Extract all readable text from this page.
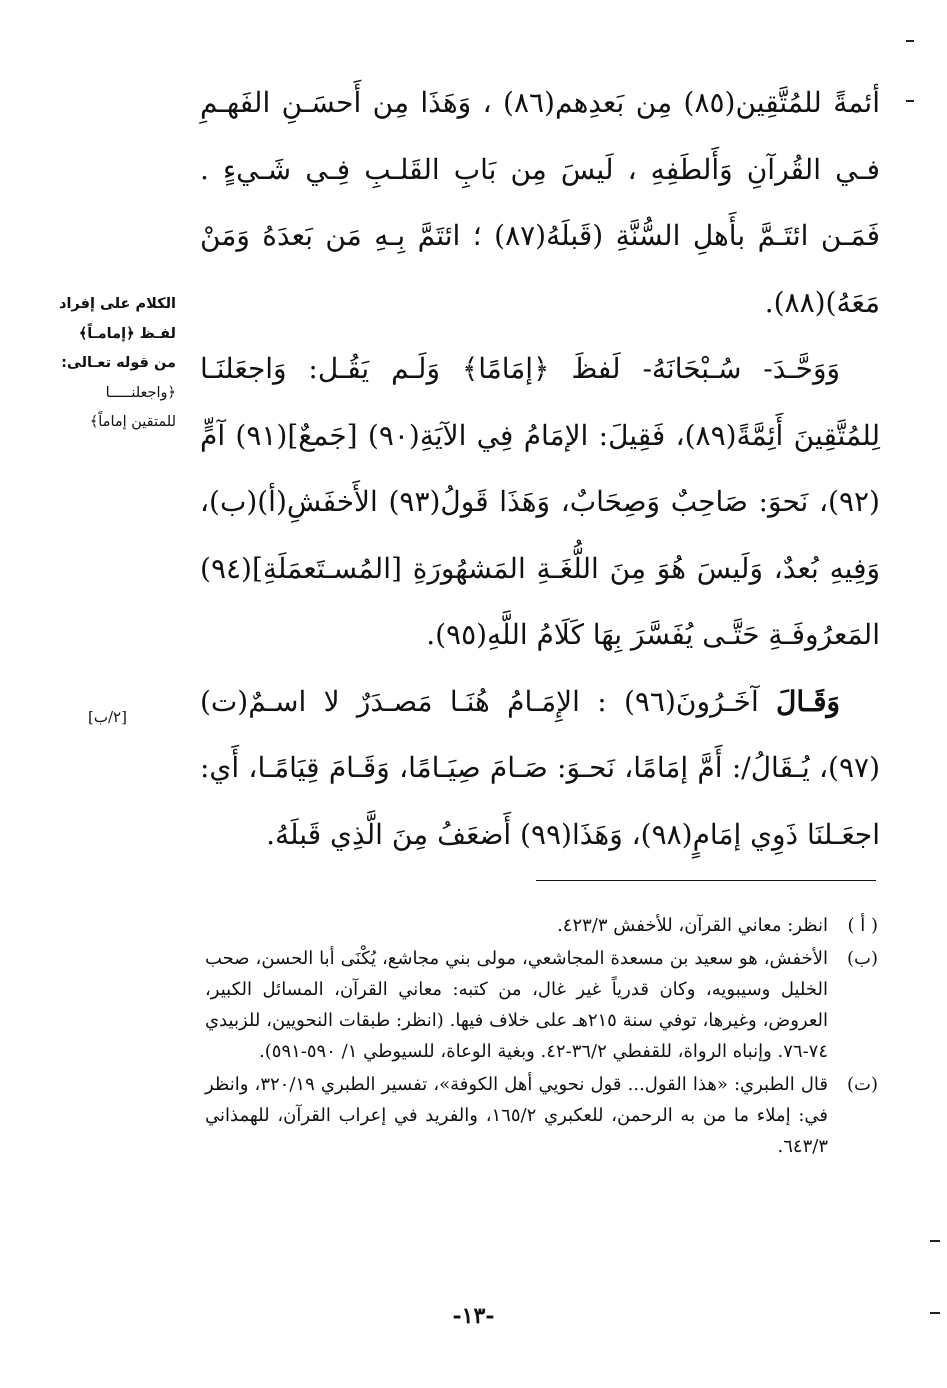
أئمةً للمُتَّقِين(٨٥) مِن بَعدِهم(٨٦) ، وَهَذَا مِن أَحسَـنِ الفَهـمِ فـي القُرآنِ وَأَلطَفِهِ ، لَيسَ مِن بَابِ القَلـبِ فِـي شَـيءٍ . فَمَـن ائتَـمَّ بأَهلِ السُّنَّةِ (قَبلَهُ(٨٧) ؛ ائتَمَّ بِـهِ مَن بَعدَهُ وَمَنْ مَعَهُ)(٨٨).

وَوَحَّـدَ- سُـبْحَانَهُ- لَفظَ ﴿إمَامًا﴾ وَلَـم يَقُـل: وَاجعَلنَـا لِلمُتَّقِينَ أَئِمَّةً(٨٩)، فَقِيلَ: الإمَامُ فِي الآيَةِ(٩٠) [جَمعٌ](٩١) آمٍّ (٩٢)، نَحوَ: صَاحِبٌ وَصِحَابٌ، وَهَذَا قَولُ(٩٣) الأَخفَشِ(أ)(ب)، وَفِيهِ بُعدٌ، وَلَيسَ هُوَ مِنَ اللُّغَـةِ المَشهُورَةِ [المُسـتَعمَلَةِ](٩٤) المَعرُوفَـةِ حَتَّـى يُفَسَّرَ بِهَا كَلَامُ اللَّهِ(٩٥).

وَقَـالَ آخَـرُونَ(٩٦) : الإِمَـامُ هُنَـا مَصـدَرٌ لا اسـمٌ(ت)(٩٧)، يُـقَالُ/: أَمَّ إمَامًا، نَحـوَ: صَـامَ صِيَـامًا، وَقَـامَ قِيَامًـا، أَي: اجعَـلنَا ذَوِي إمَامٍ(٩٨)، وَهَذَا(٩٩) أَضعَفُ مِنَ الَّذِي قَبلَهُ.

الكلام على إفراد
لفـظ ﴿إمامـاً﴾
من قوله تعـالى:
﴿واجعلنـــــا
للمتقين إماماً﴾
[٢/ب]
( أ )
انظر: معاني القرآن، للأخفش ٤٢٣/٣.
(ب)
الأخفش، هو سعيد بن مسعدة المجاشعي، مولى بني مجاشع، يُكْنَى أبا الحسن، صحب الخليل وسيبويه، وكان قدرياً غير غال، من كتبه: معاني القرآن، المسائل الكبير، العروض، وغيرها، توفي سنة ٢١٥هـ على خلاف فيها. (انظر: طبقات النحويين، للزبيدي ٧٤-٧٦. وإنباه الرواة، للقفطي ٣٦/٢-٤٢. وبغية الوعاة، للسيوطي ١/ ٥٩٠-٥٩١).
(ت)
قال الطبري: «هذا القول... قول نحويي أهل الكوفة»، تفسير الطبري ٣٢٠/١٩، وانظر في: إملاء ما من به الرحمن، للعكبري ١٦٥/٢، والفريد في إعراب القرآن، للهمذاني ٦٤٣/٣.
-١٣-
